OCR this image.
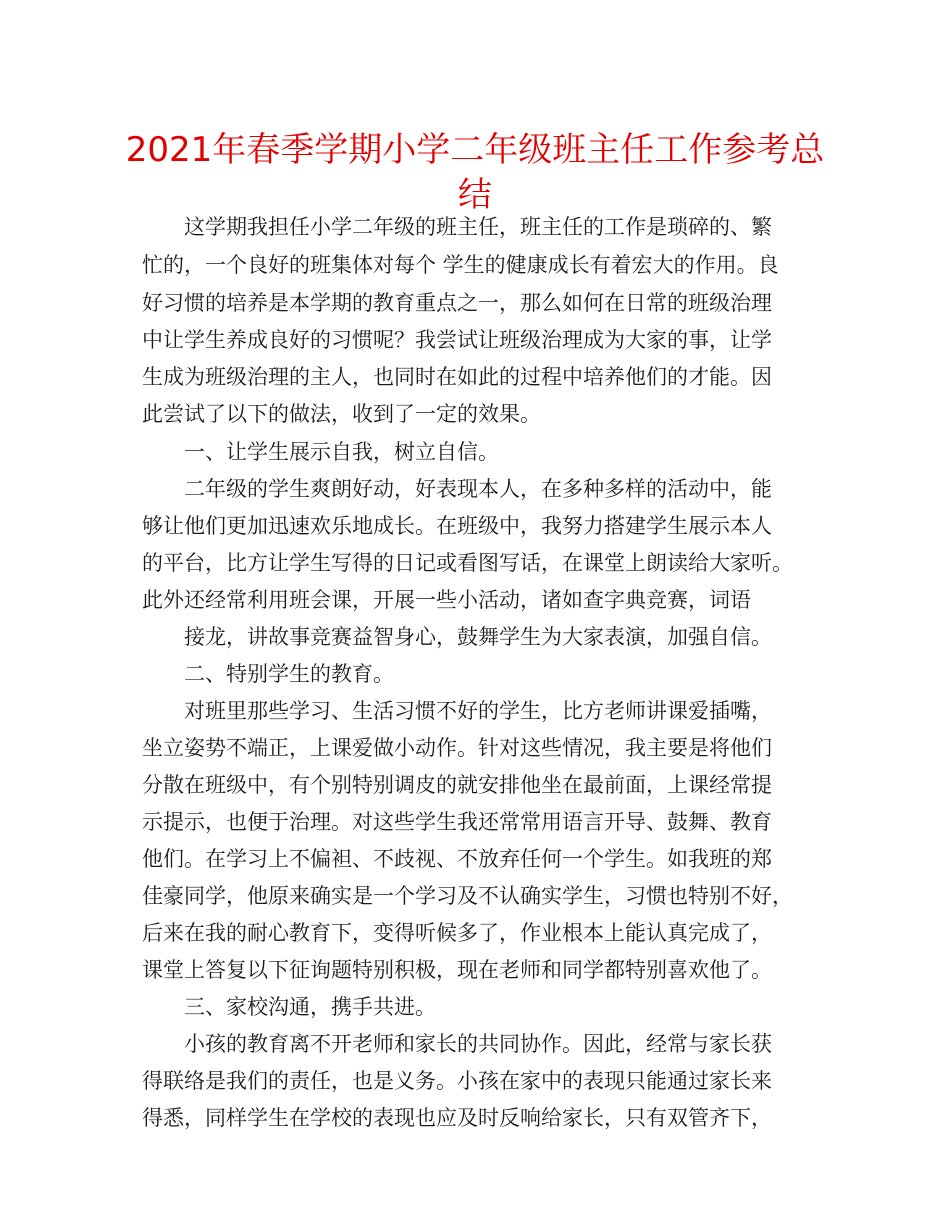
2021年春季学期小学二年级班主任工作参考总
结
这学期我担任小学二年级的班主任，班主任的工作是琐碎的、繁
忙的，一个良好的班集体对每个 学生的健康成长有着宏大的作用。良
好习惯的培养是本学期的教育重点之一，那么如何在日常的班级治理
中让学生养成良好的习惯呢？我尝试让班级治理成为大家的事，让学
生成为班级治理的主人，也同时在如此的过程中培养他们的才能。因
此尝试了以下的做法，收到了一定的效果。
一、让学生展示自我，树立自信。
二年级的学生爽朗好动，好表现本人，在多种多样的活动中，能
够让他们更加迅速欢乐地成长。在班级中，我努力搭建学生展示本人
的平台，比方让学生写得的日记或看图写话，在课堂上朗读给大家听。
此外还经常利用班会课，开展一些小活动，诸如查字典竞赛，词语
接龙，讲故事竞赛益智身心，鼓舞学生为大家表演，加强自信。
二、特别学生的教育。
对班里那些学习、生活习惯不好的学生，比方老师讲课爱插嘴，
坐立姿势不端正，上课爱做小动作。针对这些情况，我主要是将他们
分散在班级中，有个别特别调皮的就安排他坐在最前面，上课经常提
示提示，也便于治理。对这些学生我还常常用语言开导、鼓舞、教育
他们。在学习上不偏袒、不歧视、不放弃任何一个学生。如我班的郑
佳豪同学，他原来确实是一个学习及不认确实学生，习惯也特别不好，
后来在我的耐心教育下，变得听候多了，作业根本上能认真完成了，
课堂上答复以下征询题特别积极，现在老师和同学都特别喜欢他了。
三、家校沟通，携手共进。
小孩的教育离不开老师和家长的共同协作。因此，经常与家长获
得联络是我们的责任，也是义务。小孩在家中的表现只能通过家长来
得悉，同样学生在学校的表现也应及时反响给家长，只有双管齐下，
